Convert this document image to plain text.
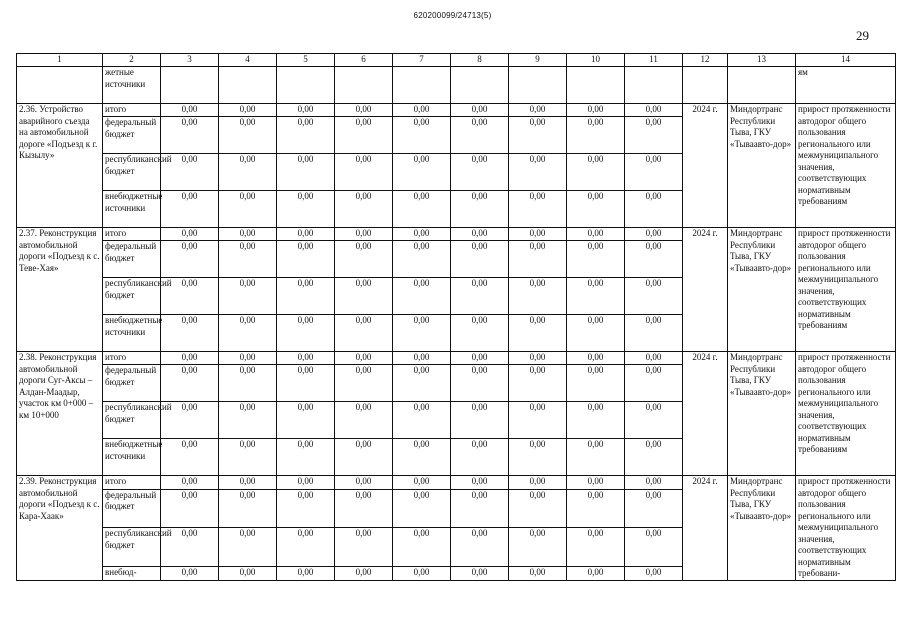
620200099/24713(5)
29
1	2	3	4	5	6	7	8	9	10	11	12	13	14
	жетные источники												ям
2.36. Устройство аварийного съезда на автомобильной дороге «Подъезд к г. Кызылу»	итого	0,00	0,00	0,00	0,00	0,00	0,00	0,00	0,00	0,00	2024 г.	Миндортранс Республики Тыва, ГКУ «Тываавто-дор»	прирост протяженности автодорог общего пользования регионального или межмуниципального значения, соответствующих нормативным требованиям
	федеральный бюджет	0,00	0,00	0,00	0,00	0,00	0,00	0,00	0,00	0,00			
	республиканский бюджет	0,00	0,00	0,00	0,00	0,00	0,00	0,00	0,00	0,00			
	внебюджетные источники	0,00	0,00	0,00	0,00	0,00	0,00	0,00	0,00	0,00			
2.37. Реконструкция автомобильной дороги «Подъезд к с. Теве-Хая»	итого	0,00	0,00	0,00	0,00	0,00	0,00	0,00	0,00	0,00	2024 г.	Миндортранс Республики Тыва, ГКУ «Тываавто-дор»	прирост протяженности автодорог общего пользования регионального или межмуниципального значения, соответствующих нормативным требованиям
	федеральный бюджет	0,00	0,00	0,00	0,00	0,00	0,00	0,00	0,00	0,00			
	республиканский бюджет	0,00	0,00	0,00	0,00	0,00	0,00	0,00	0,00	0,00			
	внебюджетные источники	0,00	0,00	0,00	0,00	0,00	0,00	0,00	0,00	0,00			
2.38. Реконструкция автомобильной дороги Суг-Аксы – Алдан-Маадыр, участок км 0+000 – км 10+000	итого	0,00	0,00	0,00	0,00	0,00	0,00	0,00	0,00	0,00	2024 г.	Миндортранс Республики Тыва, ГКУ «Тываавто-дор»	прирост протяженности автодорог общего пользования регионального или межмуниципального значения, соответствующих нормативным требованиям
	федеральный бюджет	0,00	0,00	0,00	0,00	0,00	0,00	0,00	0,00	0,00			
	республиканский бюджет	0,00	0,00	0,00	0,00	0,00	0,00	0,00	0,00	0,00			
	внебюджетные источники	0,00	0,00	0,00	0,00	0,00	0,00	0,00	0,00	0,00			
2.39. Реконструкция автомобильной дороги «Подъезд к с. Кара-Хаак»	итого	0,00	0,00	0,00	0,00	0,00	0,00	0,00	0,00	0,00	2024 г.	Миндортранс Республики Тыва, ГКУ «Тываавто-дор»	прирост протяженности автодорог общего пользования регионального или межмуниципального значения, соответствующих нормативным требовани-
	федеральный бюджет	0,00	0,00	0,00	0,00	0,00	0,00	0,00	0,00	0,00			
	республиканский бюджет	0,00	0,00	0,00	0,00	0,00	0,00	0,00	0,00	0,00			
	внебюд-	0,00	0,00	0,00	0,00	0,00	0,00	0,00	0,00	0,00			
